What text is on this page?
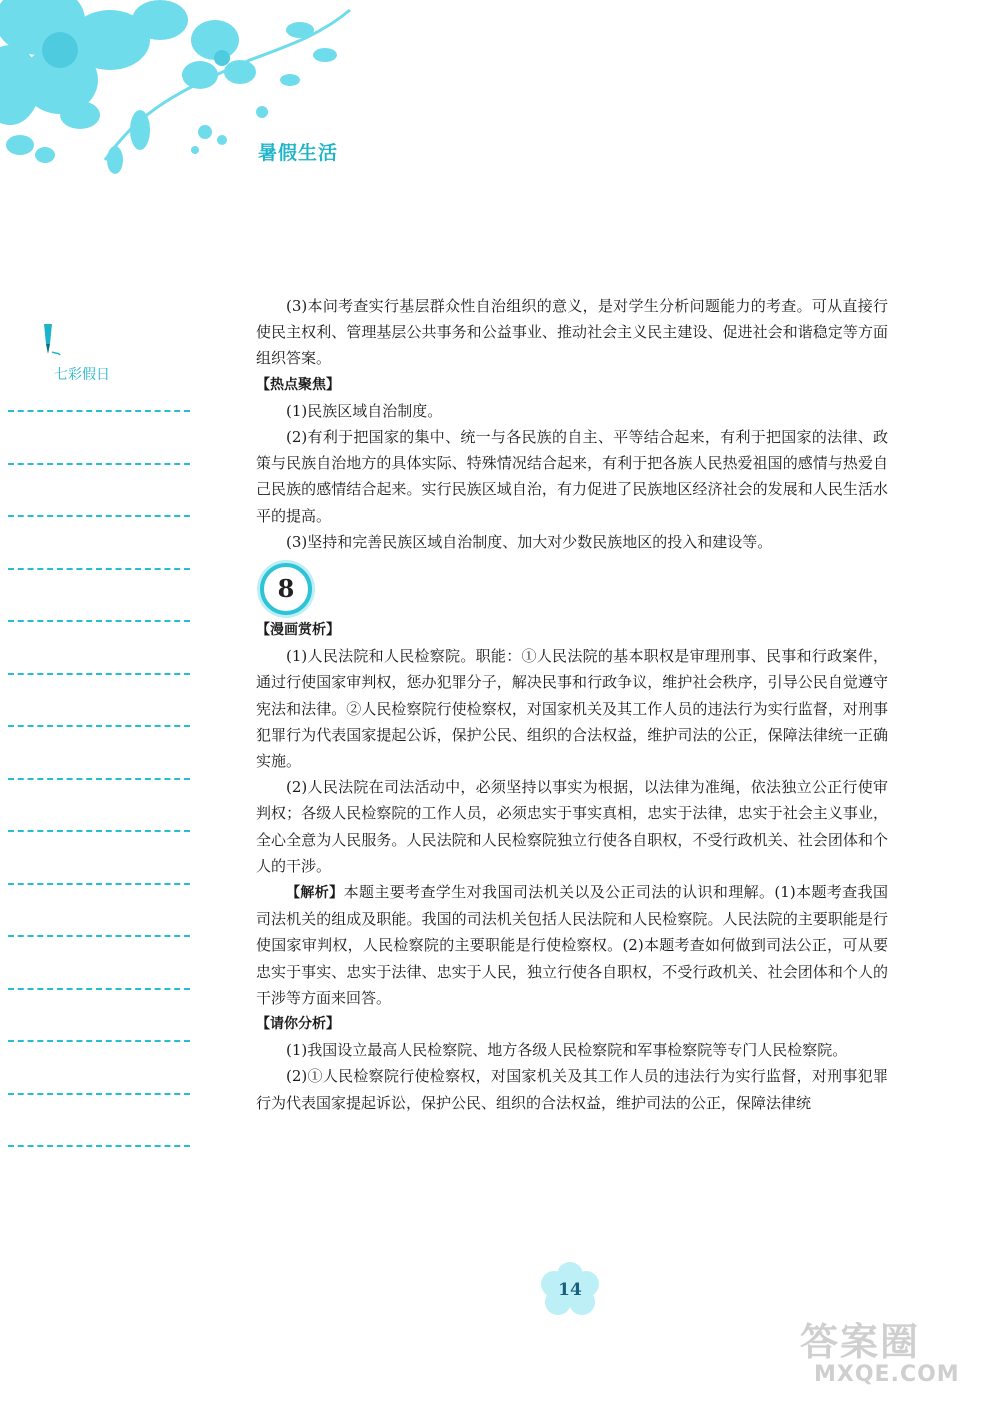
暑假生活
七彩假日

(3)本问考查实行基层群众性自治组织的意义，是对学生分析问题能力的考查。可从直接行使民主权利、管理基层公共事务和公益事业、推动社会主义民主建设、促进社会和谐稳定等方面组织答案。

【热点聚焦】

(1)民族区域自治制度。

(2)有利于把国家的集中、统一与各民族的自主、平等结合起来，有利于把国家的法律、政策与民族自治地方的具体实际、特殊情况结合起来，有利于把各族人民热爱祖国的感情与热爱自己民族的感情结合起来。实行民族区域自治，有力促进了民族地区经济社会的发展和人民生活水平的提高。

(3)坚持和完善民族区域自治制度、加大对少数民族地区的投入和建设等。

8

【漫画赏析】

(1)人民法院和人民检察院。职能：①人民法院的基本职权是审理刑事、民事和行政案件，通过行使国家审判权，惩办犯罪分子，解决民事和行政争议，维护社会秩序，引导公民自觉遵守宪法和法律。②人民检察院行使检察权，对国家机关及其工作人员的违法行为实行监督，对刑事犯罪行为代表国家提起公诉，保护公民、组织的合法权益，维护司法的公正，保障法律统一正确实施。

(2)人民法院在司法活动中，必须坚持以事实为根据，以法律为准绳，依法独立公正行使审判权；各级人民检察院的工作人员，必须忠实于事实真相，忠实于法律，忠实于社会主义事业，全心全意为人民服务。人民法院和人民检察院独立行使各自职权，不受行政机关、社会团体和个人的干涉。

【解析】本题主要考查学生对我国司法机关以及公正司法的认识和理解。(1)本题考查我国司法机关的组成及职能。我国的司法机关包括人民法院和人民检察院。人民法院的主要职能是行使国家审判权，人民检察院的主要职能是行使检察权。(2)本题考查如何做到司法公正，可从要忠实于事实、忠实于法律、忠实于人民，独立行使各自职权，不受行政机关、社会团体和个人的干涉等方面来回答。

【请你分析】

(1)我国设立最高人民检察院、地方各级人民检察院和军事检察院等专门人民检察院。

(2)①人民检察院行使检察权，对国家机关及其工作人员的违法行为实行监督，对刑事犯罪行为代表国家提起诉讼，保护公民、组织的合法权益，维护司法的公正，保障法律统

14
答案圈
MXQE.COM
